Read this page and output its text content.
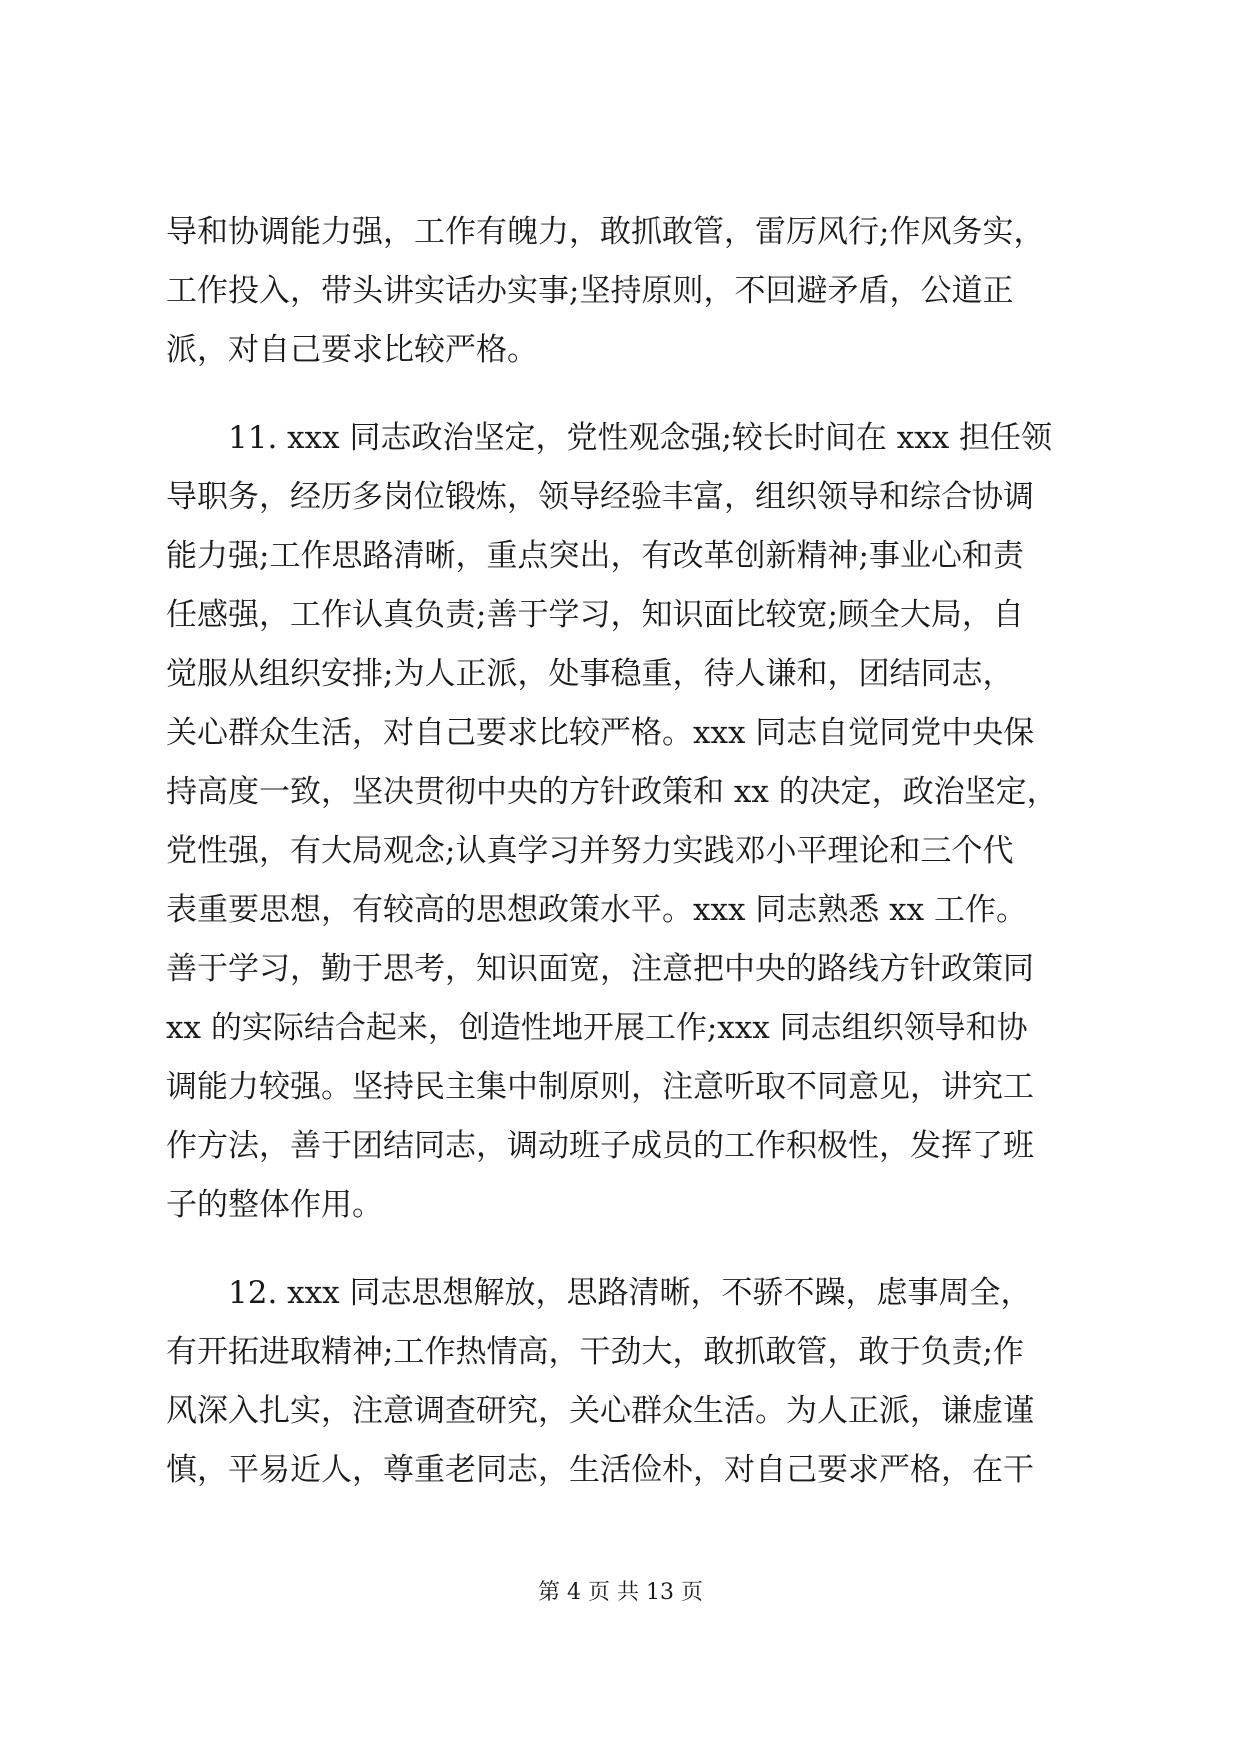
导和协调能力强，工作有魄力，敢抓敢管，雷厉风行;作风务实，
工作投入，带头讲实话办实事;坚持原则，不回避矛盾，公道正
派，对自己要求比较严格。
11. xxx 同志政治坚定，党性观念强;较长时间在 xxx 担任领
导职务，经历多岗位锻炼，领导经验丰富，组织领导和综合协调
能力强;工作思路清晰，重点突出，有改革创新精神;事业心和责
任感强，工作认真负责;善于学习，知识面比较宽;顾全大局，自
觉服从组织安排;为人正派，处事稳重，待人谦和，团结同志，
关心群众生活，对自己要求比较严格。xxx 同志自觉同党中央保
持高度一致，坚决贯彻中央的方针政策和 xx 的决定，政治坚定，
党性强，有大局观念;认真学习并努力实践邓小平理论和三个代
表重要思想，有较高的思想政策水平。xxx 同志熟悉 xx 工作。
善于学习，勤于思考，知识面宽，注意把中央的路线方针政策同
xx 的实际结合起来，创造性地开展工作;xxx 同志组织领导和协
调能力较强。坚持民主集中制原则，注意听取不同意见，讲究工
作方法，善于团结同志，调动班子成员的工作积极性，发挥了班
子的整体作用。
12. xxx 同志思想解放，思路清晰，不骄不躁，虑事周全，
有开拓进取精神;工作热情高，干劲大，敢抓敢管，敢于负责;作
风深入扎实，注意调查研究，关心群众生活。为人正派，谦虚谨
慎，平易近人，尊重老同志，生活俭朴，对自己要求严格，在干
第 4 页 共 13 页
